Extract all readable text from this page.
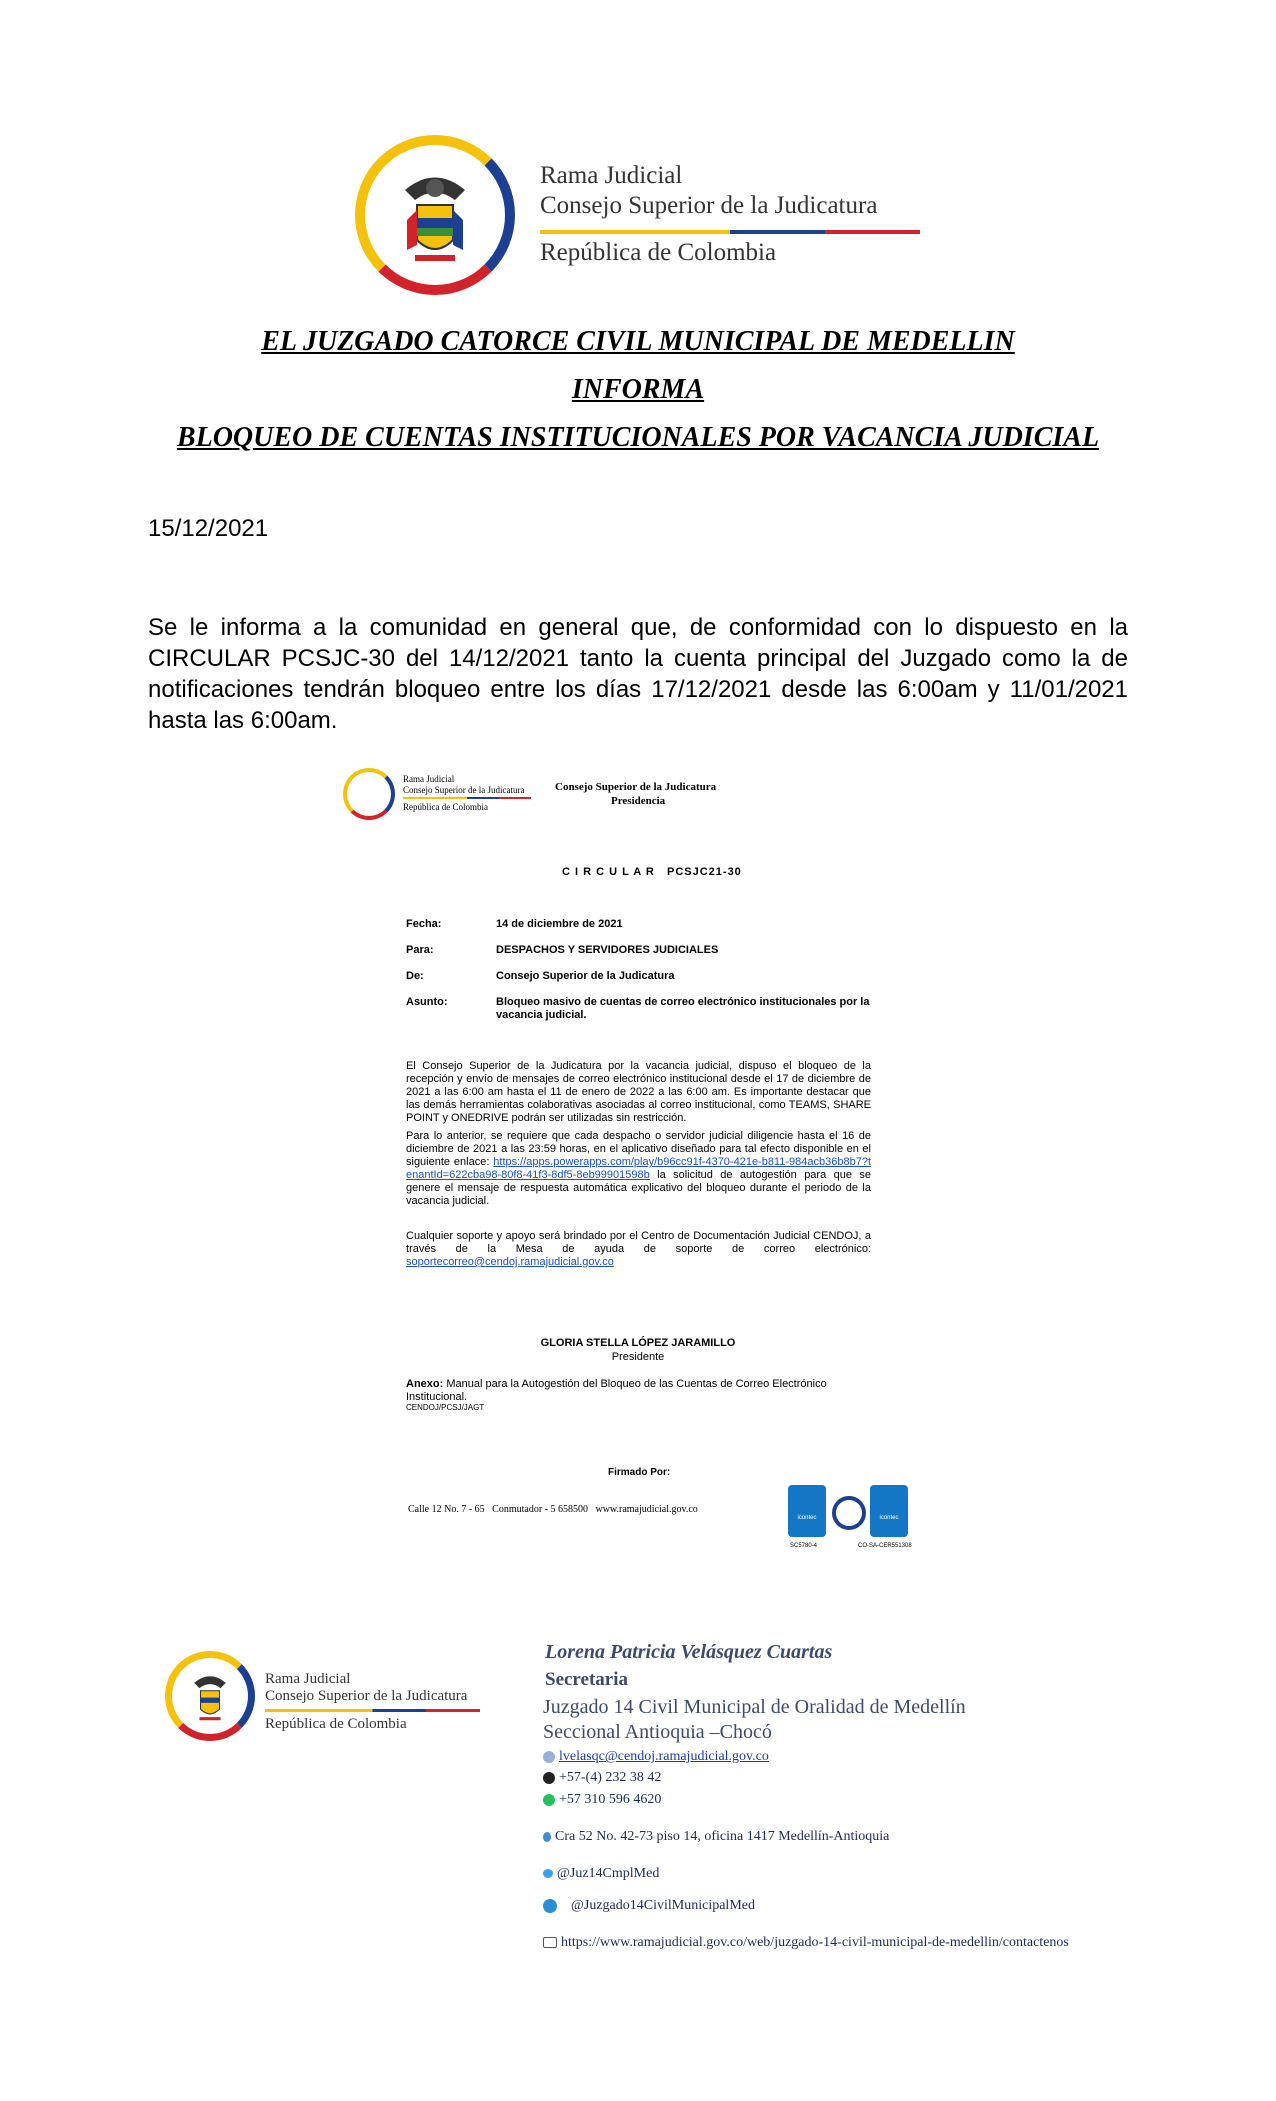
Rama Judicial
Consejo Superior de la Judicatura
República de Colombia
EL JUZGADO CATORCE CIVIL MUNICIPAL DE MEDELLIN
INFORMA
BLOQUEO DE CUENTAS INSTITUCIONALES POR VACANCIA JUDICIAL
15/12/2021
Se le informa a la comunidad en general que, de conformidad con lo dispuesto en la CIRCULAR PCSJC-30 del 14/12/2021 tanto la cuenta principal del Juzgado como la de notificaciones tendrán bloqueo entre los días 17/12/2021 desde las 6:00am y 11/01/2021 hasta las 6:00am.
Rama Judicial
Consejo Superior de la Judicatura
República de Colombia
Consejo Superior de la Judicatura
Presidencia
C I R C U L A R   PCSJC21-30
Fecha:	14 de diciembre de 2021
Para:	DESPACHOS Y SERVIDORES JUDICIALES
De:	Consejo Superior de la Judicatura
Asunto:	Bloqueo masivo de cuentas de correo electrónico institucionales por la vacancia judicial.
El Consejo Superior de la Judicatura por la vacancia judicial, dispuso el bloqueo de la recepción y envío de mensajes de correo electrónico institucional desde el 17 de diciembre de 2021 a las 6:00 am hasta el 11 de enero de 2022 a las 6:00 am. Es importante destacar que las demás herramientas colaborativas asociadas al correo institucional, como TEAMS, SHARE POINT y ONEDRIVE podrán ser utilizadas sin restricción.
Para lo anterior, se requiere que cada despacho o servidor judicial diligencie hasta el 16 de diciembre de 2021 a las 23:59 horas, en el aplicativo diseñado para tal efecto disponible en el siguiente enlace: https://apps.powerapps.com/play/b96cc91f-4370-421e-b811-984acb36b8b7?tenantId=622cba98-80f8-41f3-8df5-8eb99901598b la solicitud de autogestión para que se genere el mensaje de respuesta automática explicativo del bloqueo durante el periodo de la vacancia judicial.
Cualquier soporte y apoyo será brindado por el Centro de Documentación Judicial CENDOJ, a través de la Mesa de ayuda de soporte de correo electrónico: soportecorreo@cendoj.ramajudicial.gov.co
GLORIA STELLA LÓPEZ JARAMILLO
Presidente
Anexo: Manual para la Autogestión del Bloqueo de las Cuentas de Correo Electrónico Institucional.
CENDOJ/PCSJ/JAGT
Firmado Por:
Calle 12 No. 7 - 65   Conmutador - 5 658500   www.ramajudicial.gov.co
icontec	icontec
SC5780-4	CO-SA-CER551308
Rama Judicial
Consejo Superior de la Judicatura
República de Colombia
Lorena Patricia Velásquez Cuartas
Secretaria
Juzgado 14 Civil Municipal de Oralidad de Medellín
Seccional Antioquia –Chocó
lvelasqc@cendoj.ramajudicial.gov.co
+57-(4) 232 38 42
+57 310 596 4620
Cra 52 No. 42-73 piso 14, oficina 1417 Medellín-Antioquia
@Juz14CmplMed
@Juzgado14CivilMunicipalMed
https://www.ramajudicial.gov.co/web/juzgado-14-civil-municipal-de-medellin/contactenos
